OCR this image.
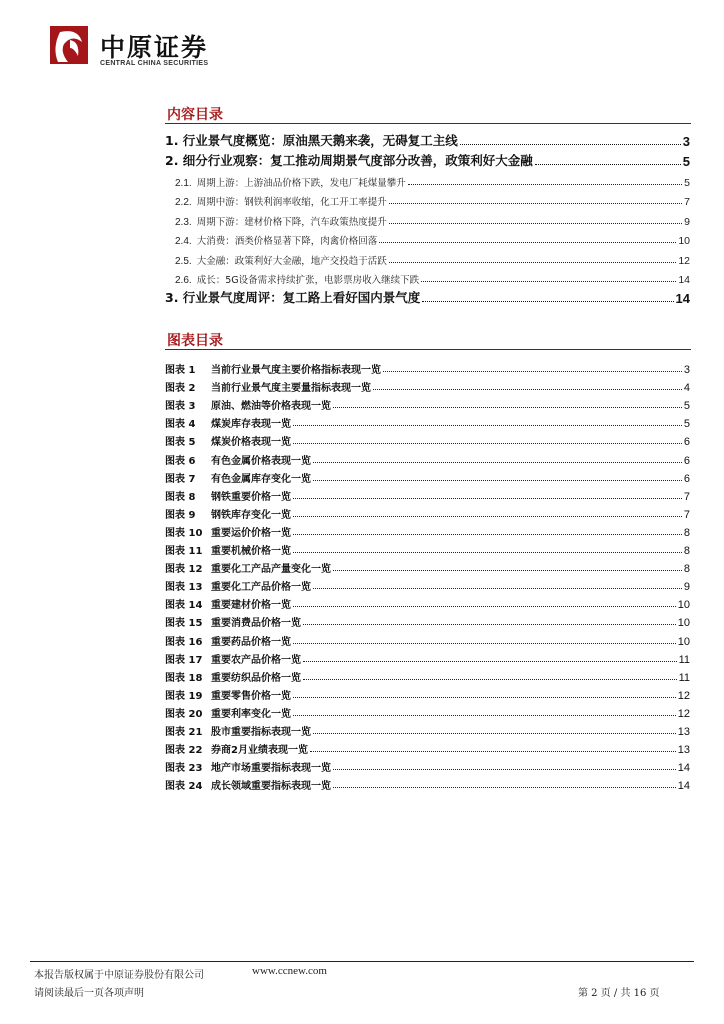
中原证券
CENTRAL CHINA SECURITIES
内容目录
1. 行业景气度概览：原油黑天鹅来袭，无碍复工主线	3
2. 细分行业观察：复工推动周期景气度部分改善，政策利好大金融	5
2.1. 周期上游：上游油品价格下跌，发电厂耗煤量攀升	5
2.2. 周期中游：钢铁利润率收缩，化工开工率提升	7
2.3. 周期下游：建材价格下降，汽车政策热度提升	9
2.4. 大消费：酒类价格显著下降，肉禽价格回落	10
2.5. 大金融：政策利好大金融，地产交投趋于活跃	12
2.6. 成长：5G设备需求持续扩张，电影票房收入继续下跌	14
3. 行业景气度周评：复工路上看好国内景气度	14
图表目录
图表 1 当前行业景气度主要价格指标表现一览	3
图表 2 当前行业景气度主要量指标表现一览	4
图表 3 原油、燃油等价格表现一览	5
图表 4 煤炭库存表现一览	5
图表 5 煤炭价格表现一览	6
图表 6 有色金属价格表现一览	6
图表 7 有色金属库存变化一览	6
图表 8 钢铁重要价格一览	7
图表 9 钢铁库存变化一览	7
图表 10 重要运价价格一览	8
图表 11 重要机械价格一览	8
图表 12 重要化工产品产量变化一览	8
图表 13 重要化工产品价格一览	9
图表 14 重要建材价格一览	10
图表 15 重要消费品价格一览	10
图表 16 重要药品价格一览	10
图表 17 重要农产品价格一览	11
图表 18 重要纺织品价格一览	11
图表 19 重要零售价格一览	12
图表 20 重要利率变化一览	12
图表 21 股市重要指标表现一览	13
图表 22 券商2月业绩表现一览	13
图表 23 地产市场重要指标表现一览	14
图表 24 成长领域重要指标表现一览	14
本报告版权属于中原证券股份有限公司	www.ccnew.com
请阅读最后一页各项声明	第 2 页 / 共 16 页
